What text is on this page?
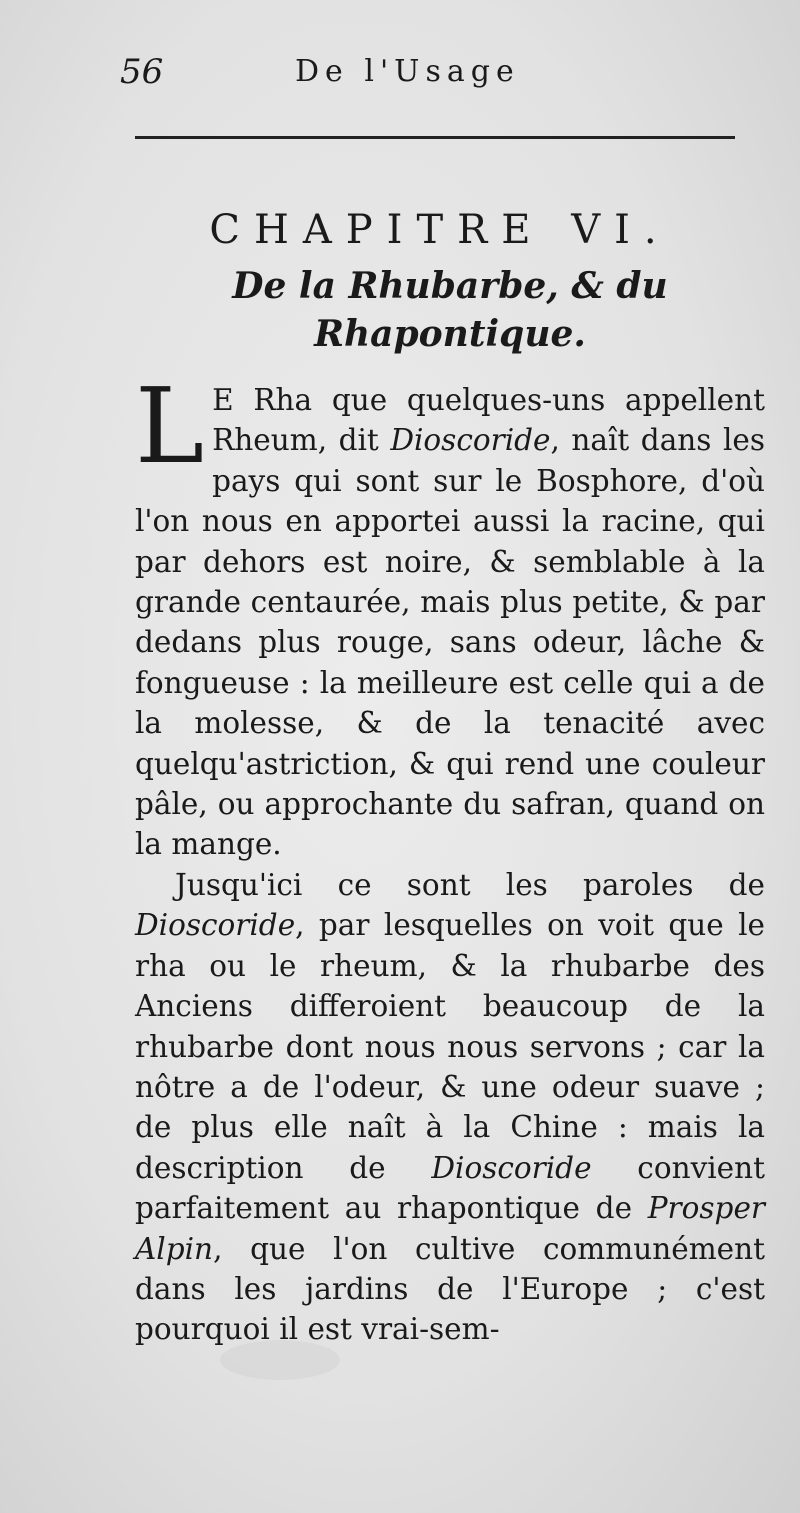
56	De l'Usage
CHAPITRE VI.
De la Rhubarbe, & du Rhapontique.

L E Rha que quelques-uns appellent Rheum, dit Dioscoride, naît dans les pays qui sont sur le Bosphore, d'où l'on nous en apportei aussi la racine, qui par dehors est noire, & semblable à la grande centaurée, mais plus petite, & par dedans plus rouge, sans odeur, lâche & fongueuse : la meilleure est celle qui a de la molesse, & de la tenacité avec quelqu'astriction, & qui rend une couleur pâle, ou approchante du safran, quand on la mange.

Jusqu'ici ce sont les paroles de Dioscoride, par lesquelles on voit que le rha ou le rheum, & la rhubarbe des Anciens differoient beaucoup de la rhubarbe dont nous nous servons ; car la nôtre a de l'odeur, & une odeur suave ; de plus elle naît à la Chine : mais la description de Dioscoride convient parfaitement au rhapontique de Prosper Alpin, que l'on cultive communément dans les jardins de l'Europe ; c'est pourquoi il est vrai-sem-
